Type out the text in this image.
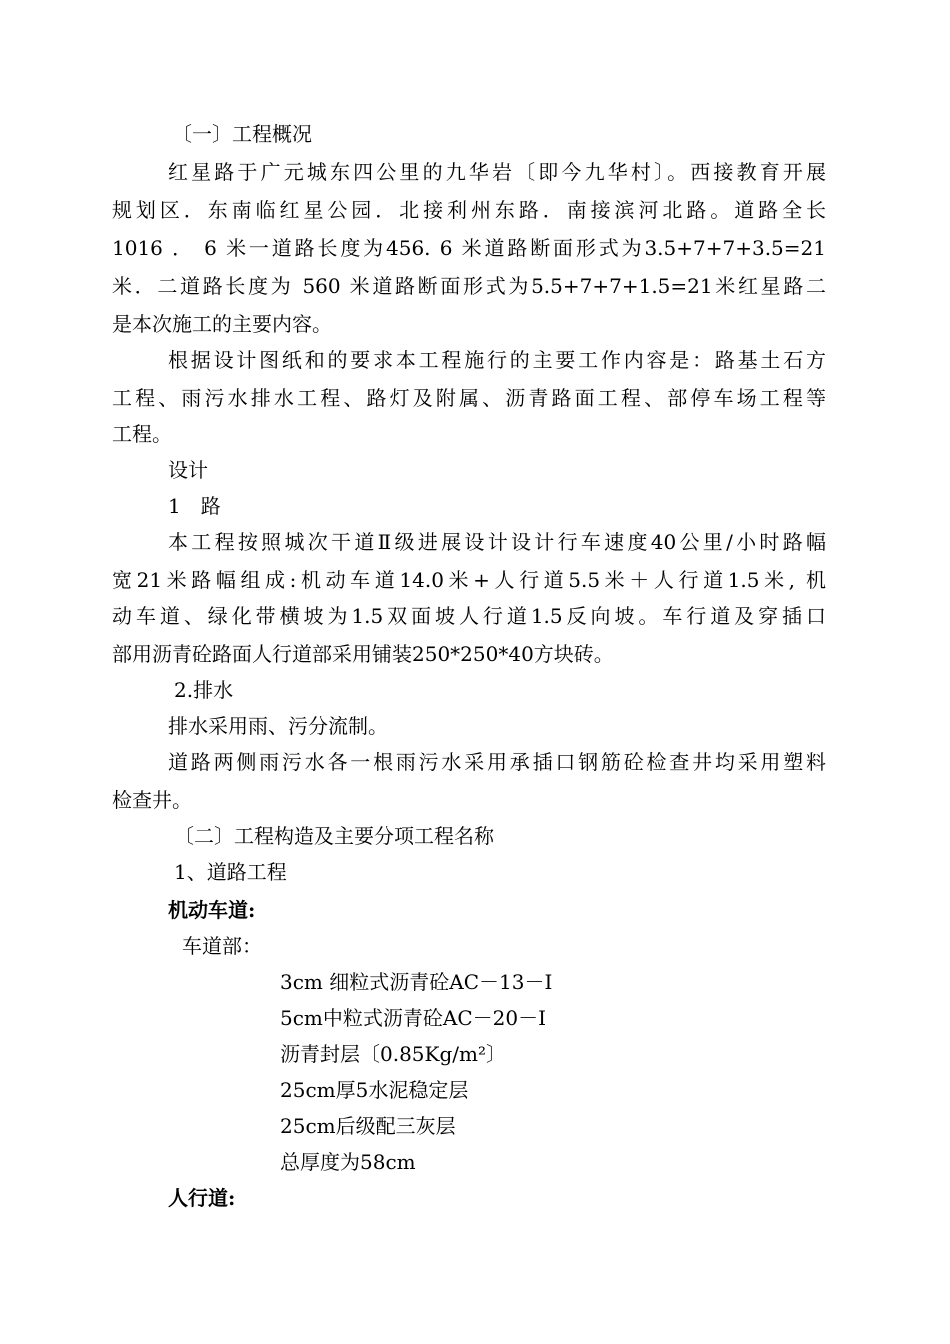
〔一〕工程概况
红星路于广元城东四公里的九华岩〔即今九华村〕。西接教育开展
规划区．东南临红星公园．北接利州东路．南接滨河北路。道路全长
1016 ． 6 米一道路长度为456. 6 米道路断面形式为3.5+7+7+3.5=21
米．二道路长度为 560 米道路断面形式为5.5+7+7+1.5=21米红星路二
是本次施工的主要内容。
根据设计图纸和的要求本工程施行的主要工作内容是：路基土石方
工程、雨污水排水工程、路灯及附属、沥青路面工程、部停车场工程等
工程。
设计
1　路
本工程按照城次干道Ⅱ级进展设计设计行车速度40公里/小时路幅
宽21米路幅组成:机动车道14.0米+人行道5.5米＋人行道1.5米, 机
动车道、绿化带横坡为1.5双面坡人行道1.5反向坡。车行道及穿插口
部用沥青砼路面人行道部采用铺装250*250*40方块砖。
2.排水
排水采用雨、污分流制。
道路两侧雨污水各一根雨污水采用承插口钢筋砼检查井均采用塑料
检查井。
〔二〕工程构造及主要分项工程名称
1、道路工程
机动车道:
车道部：
3cm 细粒式沥青砼AC－13－Ⅰ
5cm中粒式沥青砼AC－20－Ⅰ
沥青封层〔0.85Kg/m²〕
25cm厚5水泥稳定层
25cm后级配三灰层
总厚度为58cm
人行道:
